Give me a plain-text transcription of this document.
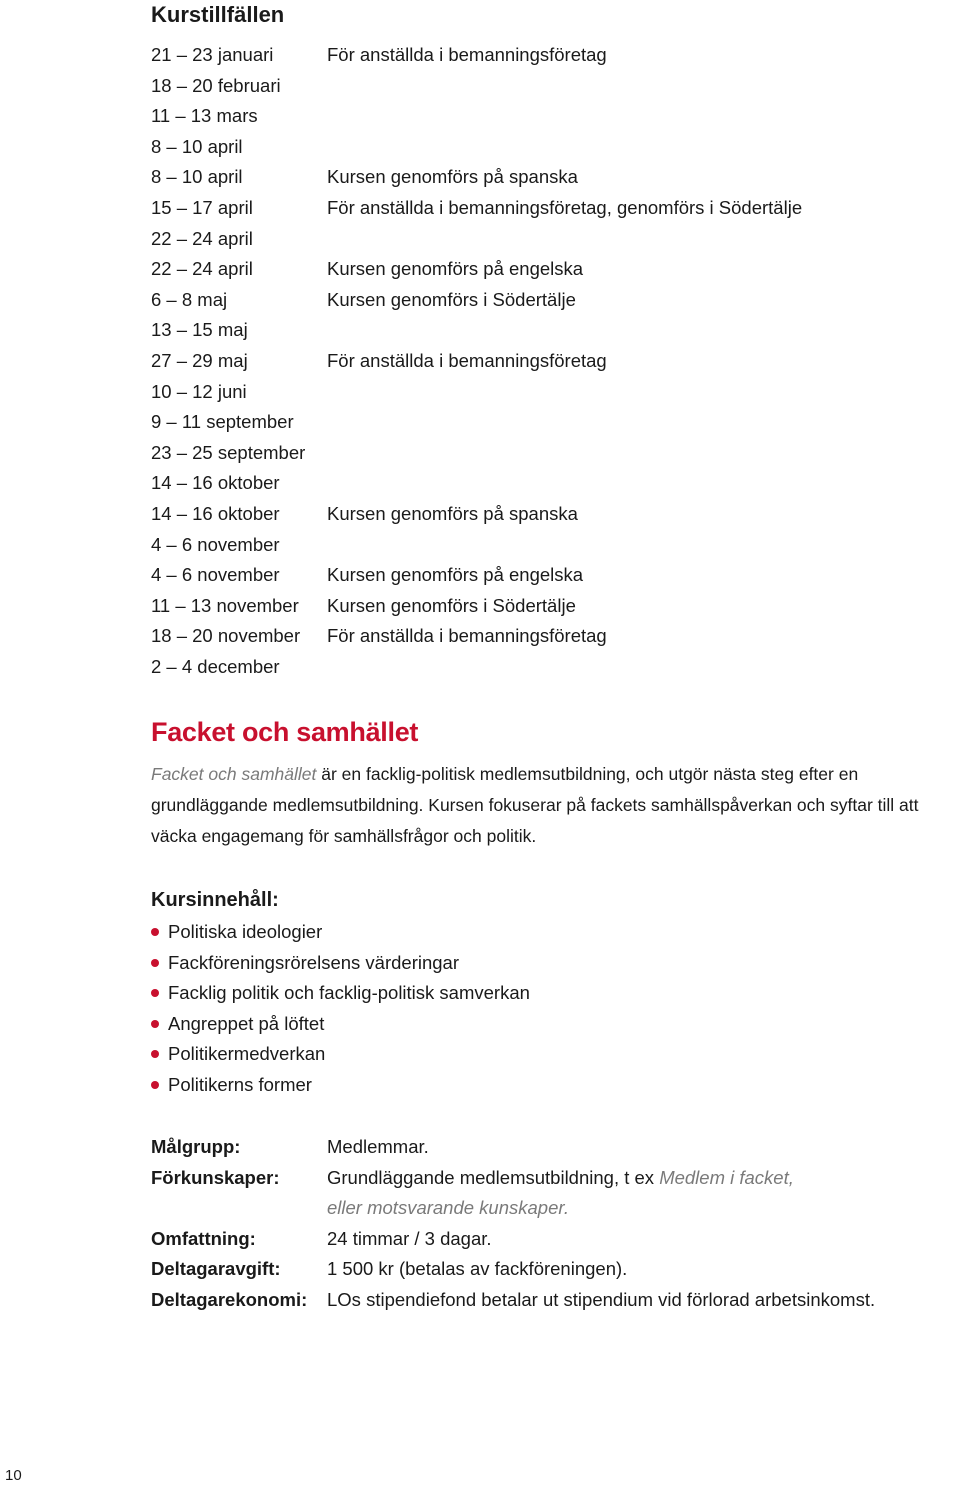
Kurstillfällen
21 – 23 januari	För anställda i bemanningsföretag
18 – 20 februari
11 – 13 mars
8 – 10 april
8 – 10 april	Kursen genomförs på spanska
15 – 17 april	För anställda i bemanningsföretag, genomförs i Södertälje
22 – 24 april
22 – 24 april	Kursen genomförs på engelska
6 – 8 maj	Kursen genomförs i Södertälje
13 – 15 maj
27 – 29 maj	För anställda i bemanningsföretag
10 – 12 juni
9 – 11 september
23 – 25 september
14 – 16 oktober
14 – 16 oktober	Kursen genomförs på spanska
4 – 6 november
4 – 6 november	Kursen genomförs på engelska
11 – 13 november Kursen genomförs i Södertälje
18 – 20 november För anställda i bemanningsföretag
2 – 4 december
Facket och samhället

Facket och samhället är en facklig-politisk medlemsutbildning, och utgör nästa steg efter en grundläggande medlemsutbildning. Kursen fokuserar på fackets samhällspåverkan och syftar till att väcka engagemang för samhällsfrågor och politik.

Kursinnehåll:
Politiska ideologier
Fackföreningsrörelsens värderingar
Facklig politik och facklig-politisk samverkan
Angreppet på löftet
Politikermedverkan
Politikerns former
Målgrupp:	Medlemmar.
Förkunskaper:	Grundläggande medlemsutbildning, t ex Medlem i facket,
eller motsvarande kunskaper.
Omfattning:	24 timmar / 3 dagar.
Deltagaravgift:	1 500 kr (betalas av fackföreningen).
Deltagarekonomi: LOs stipendiefond betalar ut stipendium vid förlorad arbetsinkomst.
10
